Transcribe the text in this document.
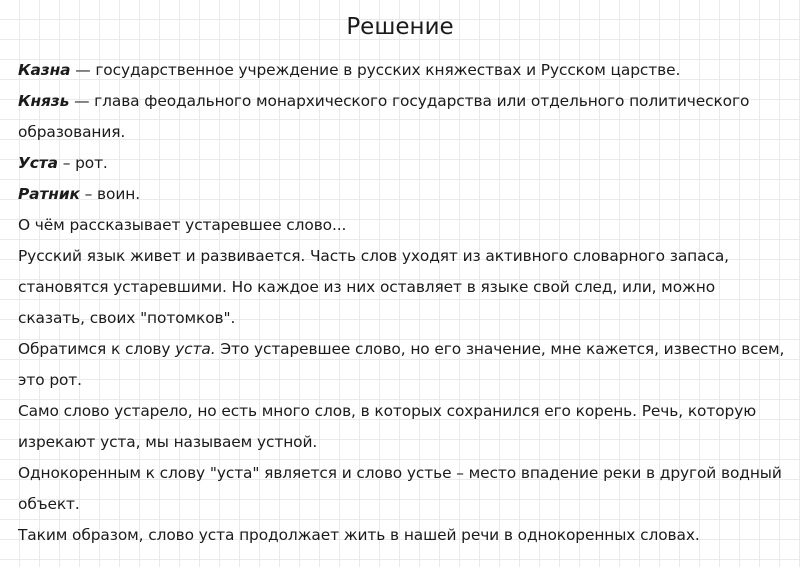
Решение
Казна — государственное учреждение в русских княжествах и Русском царстве.
Князь — глава феодального монархического государства или отдельного политического
образования.
Уста – рот.
Ратник – воин.
О чём рассказывает устаревшее слово...
Русский язык живет и развивается. Часть слов уходят из активного словарного запаса,
становятся устаревшими. Но каждое из них оставляет в языке свой след, или, можно
сказать, своих "потомков".
Обратимся к слову уста. Это устаревшее слово, но его значение, мне кажется, известно всем,
это рот.
Само слово устарело, но есть много слов, в которых сохранился его корень. Речь, которую
изрекают уста, мы называем устной.
Однокоренным к слову "уста" является и слово устье – место впадение реки в другой водный
объект.
Таким образом, слово уста продолжает жить в нашей речи в однокоренных словах.
